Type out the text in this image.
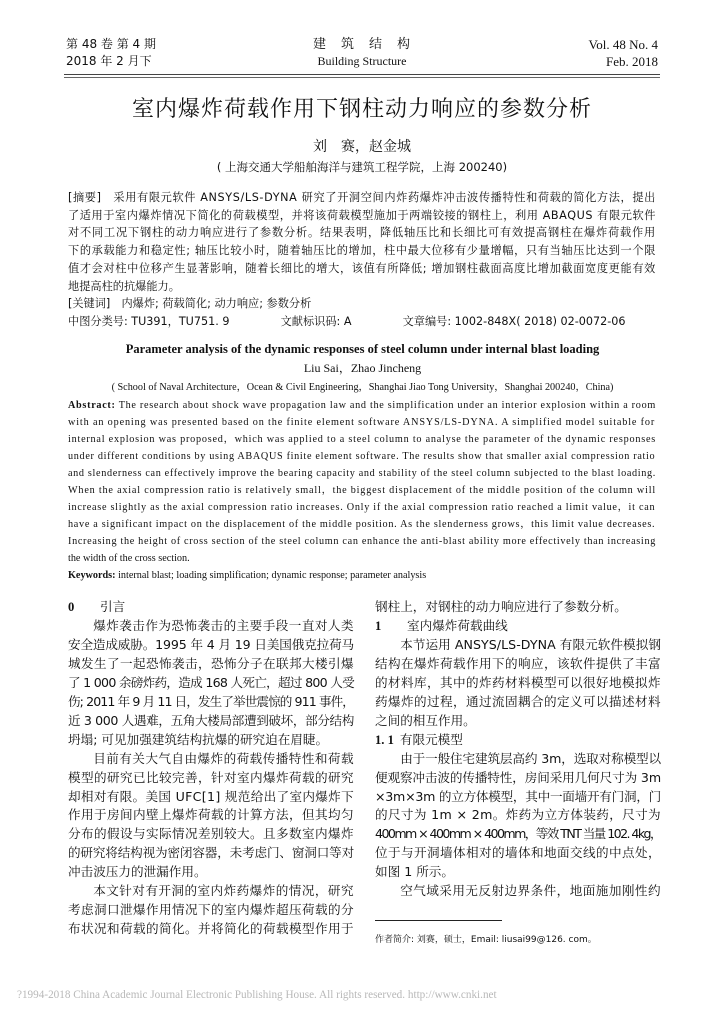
第 48 卷 第 4 期
2018 年 2 月下
建　筑　结　构
Building Structure
Vol. 48 No. 4
Feb. 2018
室内爆炸荷载作用下钢柱动力响应的参数分析
刘　赛，赵金城
( 上海交通大学船舶海洋与建筑工程学院，上海 200240)
[摘要]　采用有限元软件 ANSYS/LS-DYNA 研究了开洞空间内炸药爆炸冲击波传播特性和荷载的简化方法，提出
了适用于室内爆炸情况下简化的荷载模型，并将该荷载模型施加于两端铰接的钢柱上，利用 ABAQUS 有限元软件
对不同工况下钢柱的动力响应进行了参数分析。结果表明，降低轴压比和长细比可有效提高钢柱在爆炸荷载作用
下的承载能力和稳定性; 轴压比较小时，随着轴压比的增加，柱中最大位移有少量增幅，只有当轴压比达到一个限
值才会对柱中位移产生显著影响，随着长细比的增大，该值有所降低; 增加钢柱截面高度比增加截面宽度更能有效
地提高柱的抗爆能力。
[关键词]　内爆炸; 荷载简化; 动力响应; 参数分析
中图分类号: TU391，TU751. 9	文献标识码: A	文章编号: 1002-848X( 2018) 02-0072-06
Parameter analysis of the dynamic responses of steel column under internal blast loading
Liu Sai，Zhao Jincheng
( School of Naval Architecture，Ocean & Civil Engineering，Shanghai Jiao Tong University，Shanghai 200240，China)
Abstract: The research about shock wave propagation law and the simplification under an interior explosion within a room
with an opening was presented based on the finite element software ANSYS/LS-DYNA. A simplified model suitable for
internal explosion was proposed，which was applied to a steel column to analyse the parameter of the dynamic responses
under different conditions by using ABAQUS finite element software. The results show that smaller axial compression ratio
and slenderness can effectively improve the bearing capacity and stability of the steel column subjected to the blast loading.
When the axial compression ratio is relatively small，the biggest displacement of the middle position of the column will
increase slightly as the axial compression ratio increases. Only if the axial compression ratio reached a limit value，it can
have a significant impact on the displacement of the middle position. As the slenderness grows，this limit value decreases.
Increasing the height of cross section of the steel column can enhance the anti-blast ability more effectively than increasing
the width of the cross section.
Keywords: internal blast; loading simplification; dynamic response; parameter analysis
0 引言
爆炸袭击作为恐怖袭击的主要手段一直对人类
安全造成威胁。1995 年 4 月 19 日美国俄克拉荷马
城发生了一起恐怖袭击，恐怖分子在联邦大楼引爆
了 1 000 余磅炸药，造成 168 人死亡，超过 800 人受
伤; 2011 年 9 月 11 日，发生了举世震惊的 911 事件，
近 3 000 人遇难，五角大楼局部遭到破坏，部分结构
坍塌; 可见加强建筑结构抗爆的研究迫在眉睫。
目前有关大气自由爆炸的荷载传播特性和荷载
模型的研究已比较完善，针对室内爆炸荷载的研究
却相对有限。美国 UFC[1] 规范给出了室内爆炸下
作用于房间内壁上爆炸荷载的计算方法，但其均匀
分布的假设与实际情况差别较大。且多数室内爆炸
的研究将结构视为密闭容器，未考虑门、窗洞口等对
冲击波压力的泄漏作用。
本文针对有开洞的室内炸药爆炸的情况，研究
考虑洞口泄爆作用情况下的室内爆炸超压荷载的分
布状况和荷载的简化。并将简化的荷载模型作用于
钢柱上，对钢柱的动力响应进行了参数分析。
1 室内爆炸荷载曲线
本节运用 ANSYS/LS-DYNA 有限元软件模拟钢
结构在爆炸荷载作用下的响应，该软件提供了丰富
的材料库，其中的炸药材料模型可以很好地模拟炸
药爆炸的过程，通过流固耦合的定义可以描述材料
之间的相互作用。
1. 1 有限元模型
由于一般住宅建筑层高约 3m，选取对称模型以
便观察冲击波的传播特性，房间采用几何尺寸为 3m
×3m×3m 的立方体模型，其中一面墙开有门洞，门
的尺寸为 1m × 2m。炸药为立方体装药，尺寸为
400mm × 400mm × 400mm，等效 TNT 当量 102. 4kg，
位于与开洞墙体相对的墙体和地面交线的中点处，
如图 1 所示。
空气域采用无反射边界条件，地面施加刚性约
作者简介: 刘赛，硕士，Email: liusai99@126. com。
?1994-2018 China Academic Journal Electronic Publishing House. All rights reserved. http://www.cnki.net
